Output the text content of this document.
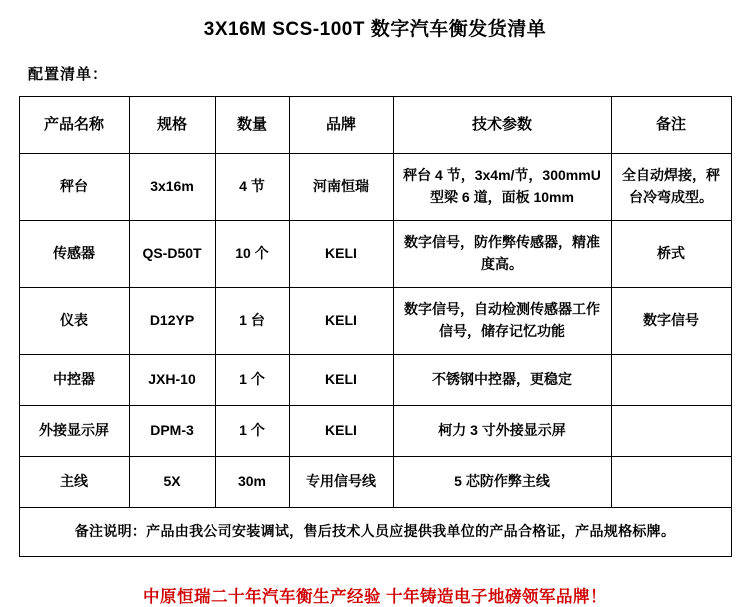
3X16M SCS-100T 数字汽车衡发货清单
配置清单：
产品名称	规格	数量	品牌	技术参数	备注
秤台	3x16m	4 节	河南恒瑞	秤台 4 节，3x4m/节，300mmU 型梁 6 道，面板 10mm	全自动焊接，秤台冷弯成型。
传感器	QS-D50T	10 个	KELI	数字信号，防作弊传感器，精准度高。	桥式
仪表	D12YP	1 台	KELI	数字信号，自动检测传感器工作信号，储存记忆功能	数字信号
中控器	JXH-10	1 个	KELI	不锈钢中控器，更稳定	
外接显示屏	DPM-3	1 个	KELI	柯力 3 寸外接显示屏	
主线	5X	30m	专用信号线	5 芯防作弊主线	
备注说明：产品由我公司安装调试，售后技术人员应提供我单位的产品合格证，产品规格标牌。					
中原恒瑞二十年汽车衡生产经验 十年铸造电子地磅领军品牌！
